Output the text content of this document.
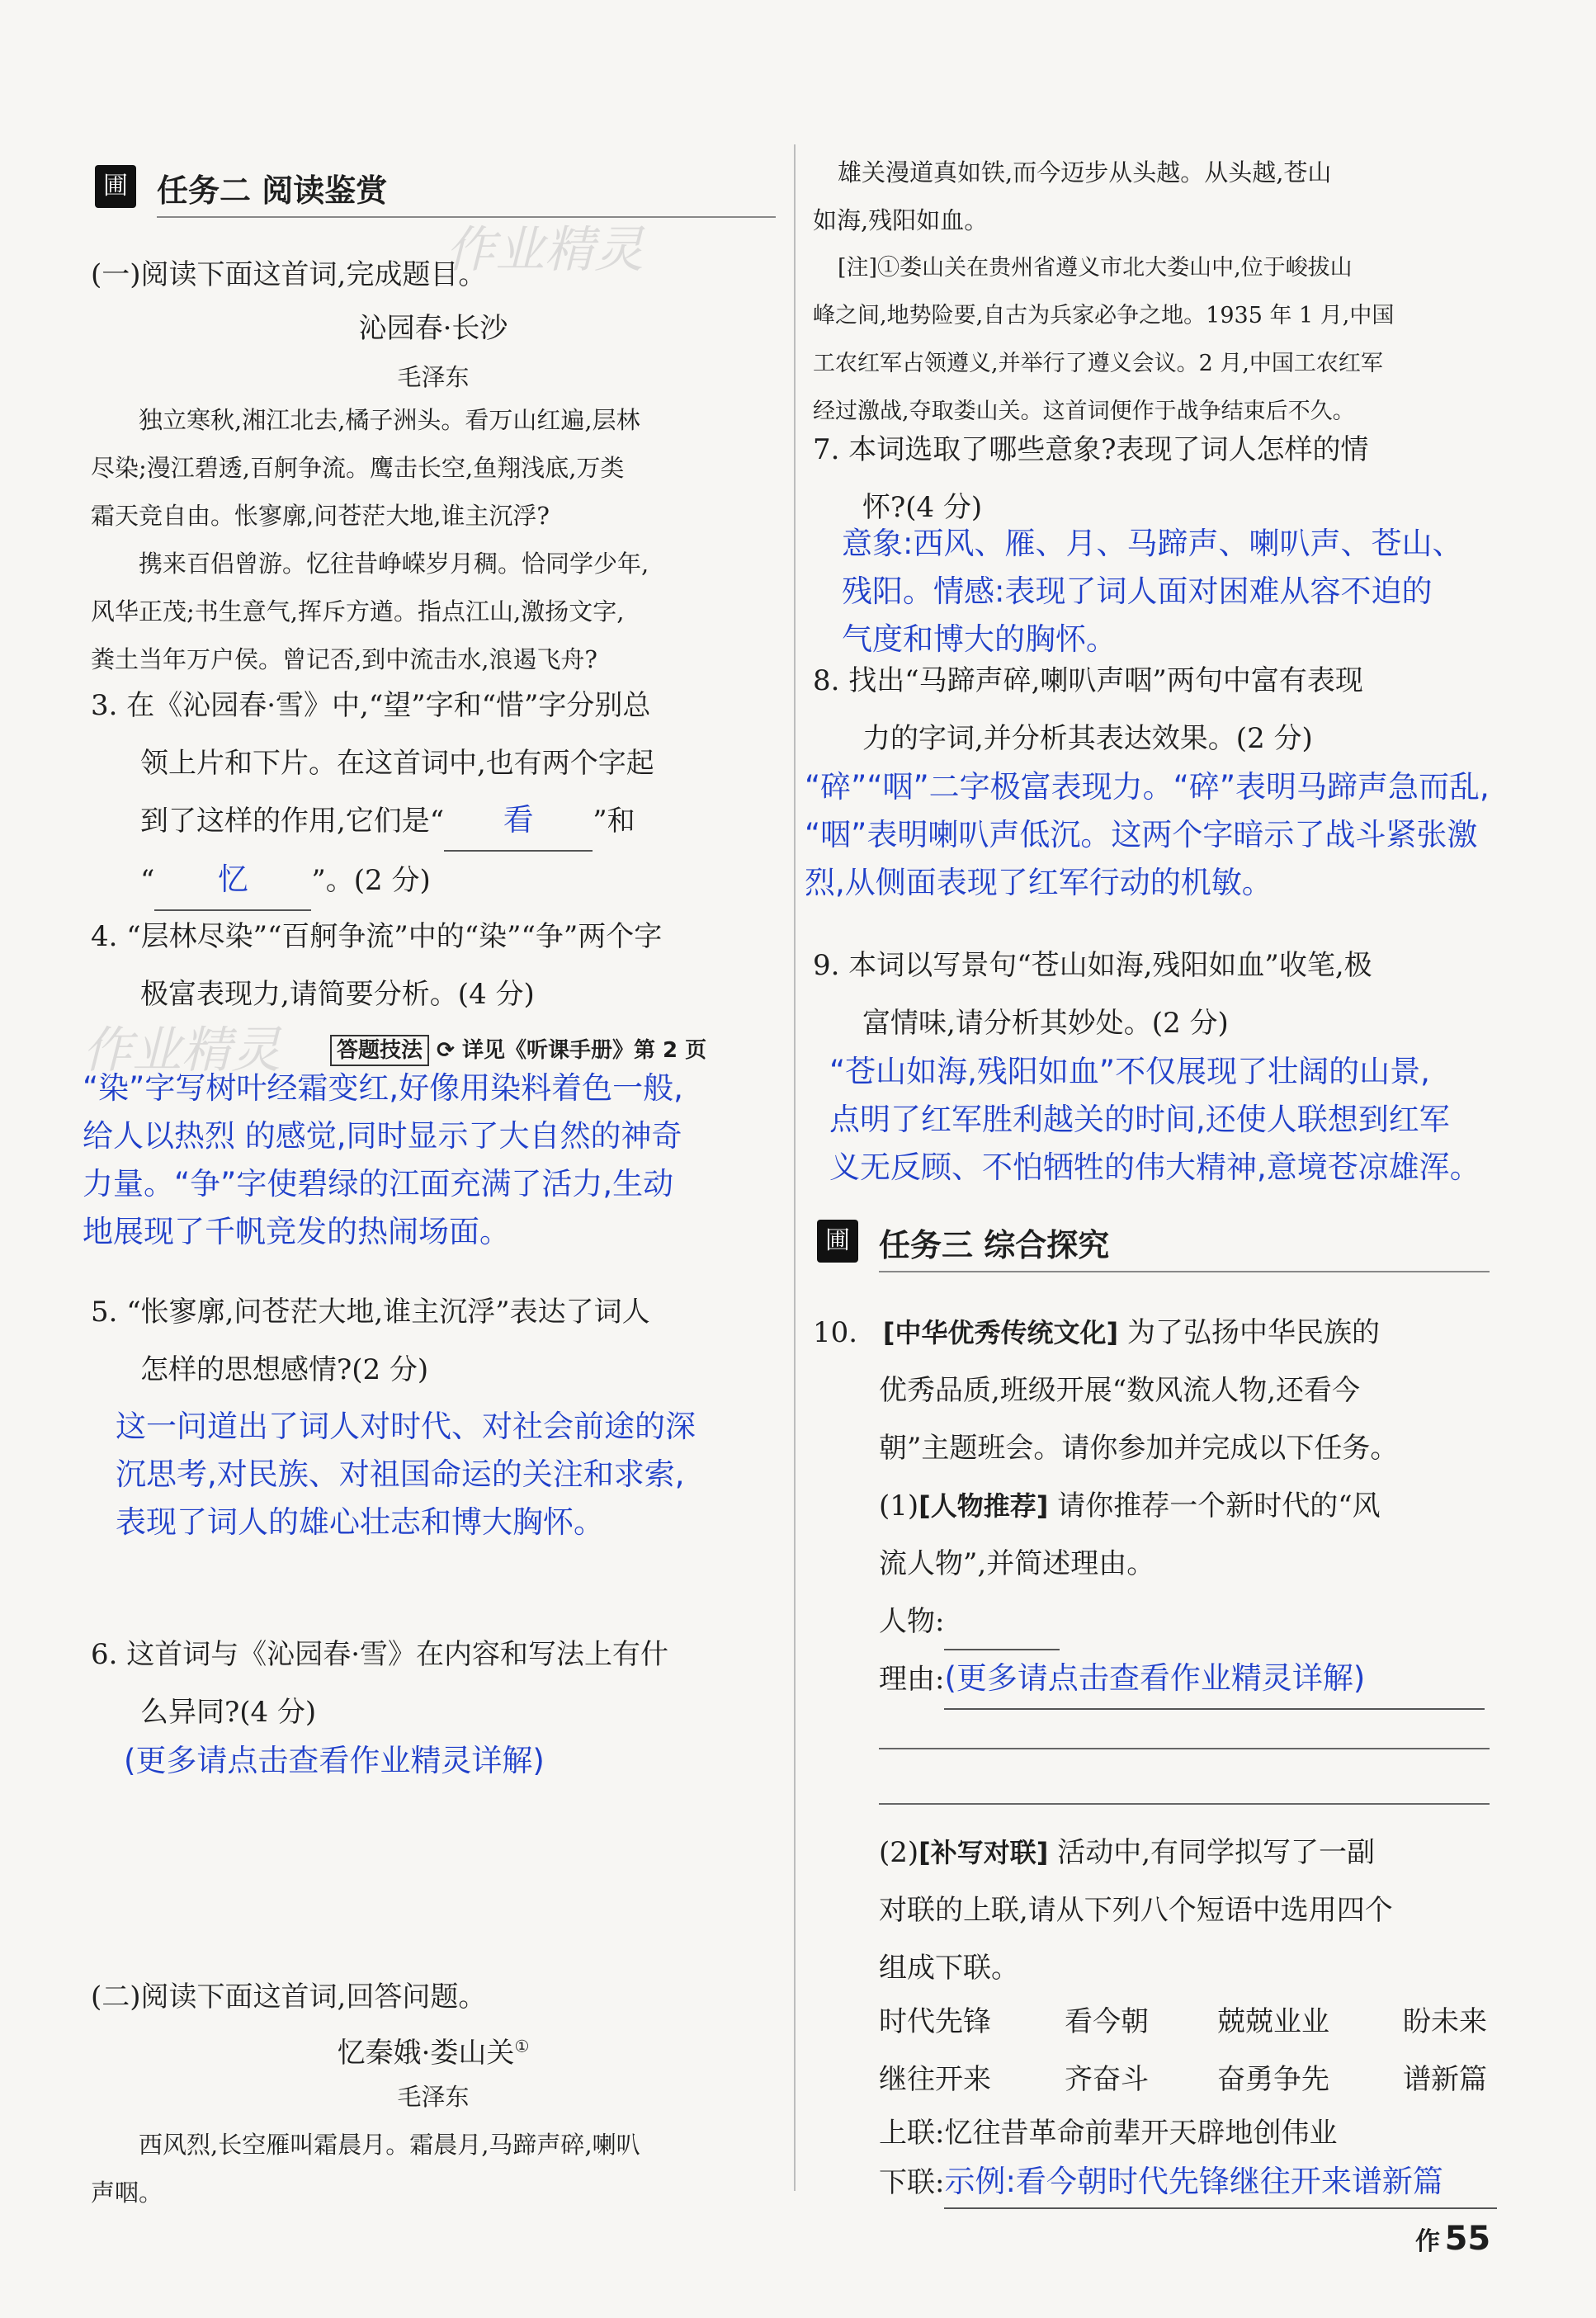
圃 任务二 阅读鉴赏
作业精灵
(一)阅读下面这首词,完成题目。
沁园春·长沙
毛泽东
独立寒秋,湘江北去,橘子洲头。看万山红遍,层林
尽染;漫江碧透,百舸争流。鹰击长空,鱼翔浅底,万类
霜天竞自由。怅寥廓,问苍茫大地,谁主沉浮?
携来百侣曾游。忆往昔峥嵘岁月稠。恰同学少年,
风华正茂;书生意气,挥斥方遒。指点江山,激扬文字,
粪土当年万户侯。曾记否,到中流击水,浪遏飞舟?
3. 在《沁园春·雪》中,“望”字和“惜”字分别总
领上片和下片。在这首词中,也有两个字起
到了这样的作用,它们是“ 看 ”和
“ 忆 ”。(2 分)
4. “层林尽染”“百舸争流”中的“染”“争”两个字
极富表现力,请简要分析。(4 分)
作业精灵	答题技法 ⟳ 详见《听课手册》第 2 页
“染”字写树叶经霜变红,好像用染料着色一般,
给人以热烈 的感觉,同时显示了大自然的神奇
力量。“争”字使碧绿的江面充满了活力,生动
地展现了千帆竞发的热闹场面。
5. “怅寥廓,问苍茫大地,谁主沉浮”表达了词人
怎样的思想感情?(2 分)
这一问道出了词人对时代、对社会前途的深
沉思考,对民族、对祖国命运的关注和求索,
表现了词人的雄心壮志和博大胸怀。
6. 这首词与《沁园春·雪》在内容和写法上有什
么异同?(4 分)
(更多请点击查看作业精灵详解)
(二)阅读下面这首词,回答问题。
忆秦娥·娄山关①
毛泽东
西风烈,长空雁叫霜晨月。霜晨月,马蹄声碎,喇叭
声咽。
雄关漫道真如铁,而今迈步从头越。从头越,苍山
如海,残阳如血。
[注]①娄山关在贵州省遵义市北大娄山中,位于峻拔山
峰之间,地势险要,自古为兵家必争之地。1935 年 1 月,中国
工农红军占领遵义,并举行了遵义会议。2 月,中国工农红军
经过激战,夺取娄山关。这首词便作于战争结束后不久。
7. 本词选取了哪些意象?表现了词人怎样的情
怀?(4 分)
意象:西风、雁、月、马蹄声、喇叭声、苍山、
残阳。情感:表现了词人面对困难从容不迫的
气度和博大的胸怀。
8. 找出“马蹄声碎,喇叭声咽”两句中富有表现
力的字词,并分析其表达效果。(2 分)
“碎”“咽”二字极富表现力。“碎”表明马蹄声急而乱,
“咽”表明喇叭声低沉。这两个字暗示了战斗紧张激
烈,从侧面表现了红军行动的机敏。
9. 本词以写景句“苍山如海,残阳如血”收笔,极
富情味,请分析其妙处。(2 分)
“苍山如海,残阳如血”不仅展现了壮阔的山景,
点明了红军胜利越关的时间,还使人联想到红军
义无反顾、不怕牺牲的伟大精神,意境苍凉雄浑。
圃 任务三 综合探究
10. [中华优秀传统文化] 为了弘扬中华民族的
优秀品质,班级开展“数风流人物,还看今
朝”主题班会。请你参加并完成以下任务。
(1)[人物推荐] 请你推荐一个新时代的“风
流人物”,并简述理由。
人物:
理由:(更多请点击查看作业精灵详解)
(2)[补写对联] 活动中,有同学拟写了一副
对联的上联,请从下列八个短语中选用四个
组成下联。
时代先锋	看今朝	兢兢业业	盼未来
继往开来	齐奋斗	奋勇争先	谱新篇
上联:忆往昔革命前辈开天辟地创伟业
下联:示例:看今朝时代先锋继往开来谱新篇
作 55
